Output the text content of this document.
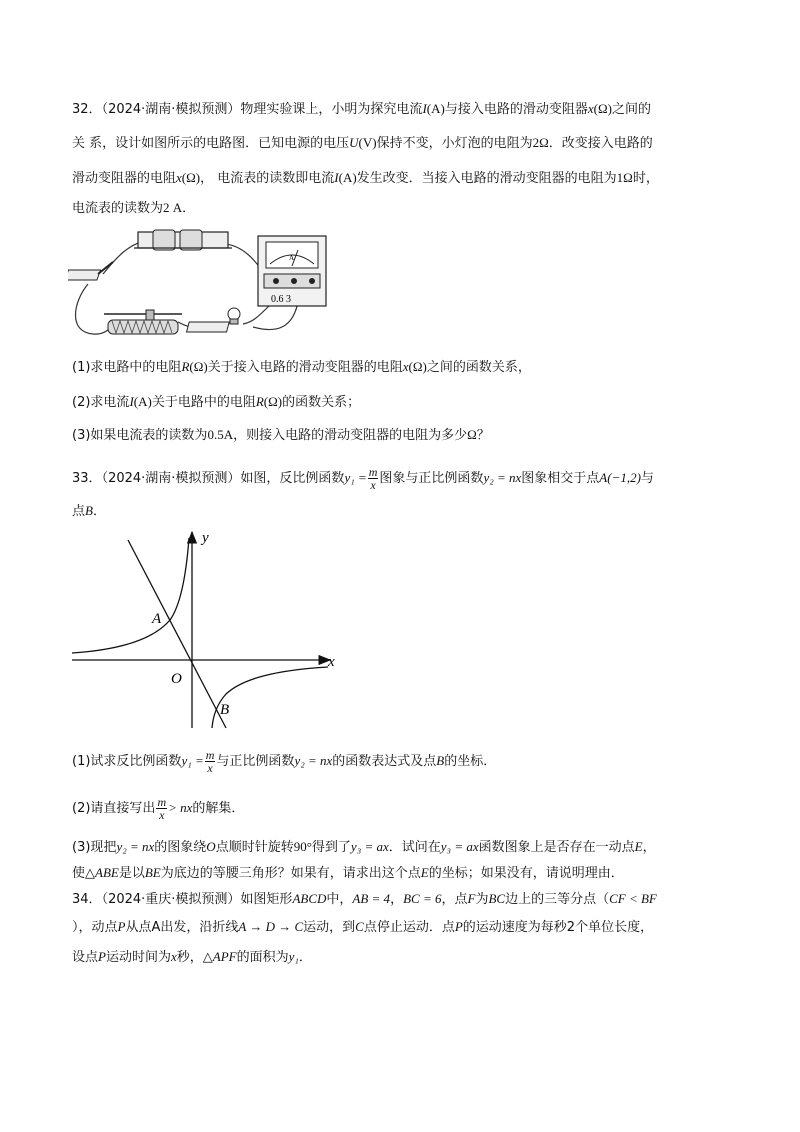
32．（2024·湖南·模拟预测）物理实验课上，小明为探究电流I(A)与接入电路的滑动变阻器x(Ω)之间的
关 系，设计如图所示的电路图．已知电源的电压U(V)保持不变，小灯泡的电阻为2Ω．改变接入电路的
滑动变阻器的电阻x(Ω)， 电流表的读数即电流I(A)发生改变．当接入电路的滑动变阻器的电阻为1Ω时，
电流表的读数为2 A．
A
0.6 3
(1)求电路中的电阻R(Ω)关于接入电路的滑动变阻器的电阻x(Ω)之间的函数关系，
(2)求电流I(A)关于电路中的电阻R(Ω)的函数关系；
(3)如果电流表的读数为0.5A，则接入电路的滑动变阻器的电阻为多少Ω？
33．（2024·湖南·模拟预测）如图，反比例函数$y_1 = \frac{m}{x}$ 图象与正比例函数y₂ = nx图象相交于点A(−1,2)与
点B．
y
x
O
A
B
(1)试求反比例函数$y_1 = \frac{m}{x}$ 与正比例函数y₂ = nx的函数表达式及点B的坐标．
(2)请直接写出 $\frac{m}{x}$ > nx的解集．
(3)现把y₂ = nx的图象绕O点顺时针旋转90°得到了y₃ = ax．试问在y₃ = ax函数图象上是否存在一动点E，
使△ABE是以BE为底边的等腰三角形？如果有，请求出这个点E的坐标；如果没有，请说明理由．
34．（2024·重庆·模拟预测）如图矩形ABCD中，AB = 4，BC = 6，点F为BC边上的三等分点（CF < BF
），动点P从点A出发，沿折线A → D → C运动，到C点停止运动．点P的运动速度为每秒2个单位长度，
设点P运动时间为x秒，△APF的面积为y₁．
